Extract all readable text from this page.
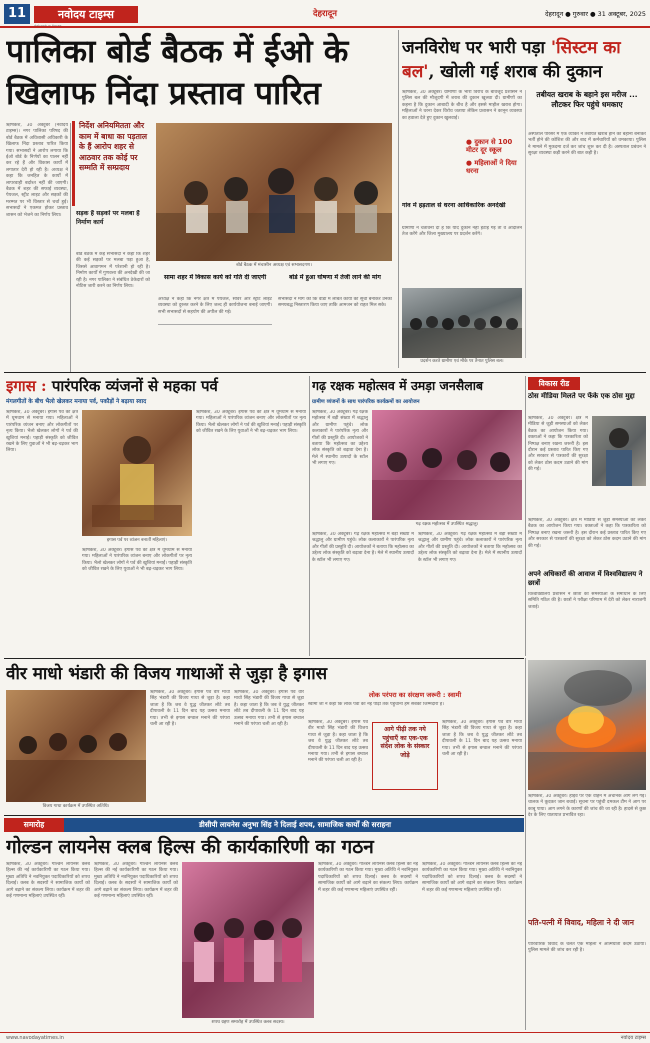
11	नवोदय टाइम्स
dehradun.times
देहरादून	देहरादून ● गुरुवार ● 31 अक्टूबर, 2025
पालिका बोर्ड बैठक में ईओ के खिलाफ निंदा प्रस्ताव पारित

ऋषिकेश, 30 अक्टूबर (नवोदय टाइम्स)। नगर पालिका परिषद की बोर्ड बैठक में अधिशासी अधिकारी के खिलाफ निंदा प्रस्ताव पारित किया गया। सभासदों ने आरोप लगाया कि ईओ बोर्ड के निर्णयों का पालन नहीं कर रहे हैं और विकास कार्यों में लगातार देरी हो रही है। अध्यक्ष ने कहा कि जनहित के कार्यों में लापरवाही बर्दाश्त नहीं की जाएगी। बैठक में शहर की सफाई व्यवस्था, पेयजल, स्ट्रीट लाइट और सड़कों की मरम्मत पर भी विस्तार से चर्चा हुई। सभासदों ने एकमत होकर प्रस्ताव शासन को भेजने का निर्णय लिया।

निर्देश अनियमितता और काम में बाधा का पड़ताल के हैं आरोप शहर से आठवार तक कोई पर सम्मति में सम्प्रदाय
सड़क हैं सड़कों पर मलबा हैं निर्माण कार्य

बोर्ड बैठक में कई सभासदों ने कहा कि शहर की कई सड़कों पर मलबा पड़ा हुआ है, जिससे आवागमन में परेशानी हो रही है। निर्माण कार्यों में गुणवत्ता की अनदेखी की जा रही है। नगर पालिका ने संबंधित ठेकेदारों को नोटिस जारी करने का निर्णय लिया।

बोर्ड बैठक में मंचासीन अध्यक्ष एवं सभासदगण।
सामा शहर में विकास कार्य को गति दी जाएगी

अध्यक्ष ने कहा कि नगर क्षेत्र में पेयजल, सीवर और स्ट्रीट लाइट व्यवस्था को दुरुस्त करने के लिए जल्द ही कार्ययोजना बनाई जाएगी। सभी सभासदों से सहयोग की अपील की गई।

बोर्ड में हुआ घोषणा में तेजी लाने की मांग

सभासदों ने मांग की कि वार्डों में लंबित कार्यों की सूची बनाकर उनका समयबद्ध निस्तारण किया जाए ताकि आमजन को राहत मिल सके।

जनविरोध पर भारी पड़ा 'सिस्टम का बल', खोली गई शराब की दुकान

ऋषिकेश, 30 अक्टूबर। ग्रामीणों के भारी विरोध के बावजूद प्रशासन ने पुलिस बल की मौजूदगी में शराब की दुकान खुलवा दी। ग्रामीणों का कहना है कि दुकान आबादी के बीच है और इससे माहौल खराब होगा। महिलाओं ने धरना देकर विरोध जताया लेकिन प्रशासन ने कानून व्यवस्था का हवाला देते हुए दुकान खुलवाई।

● दुकान से 100 मीटर दूर स्कूल
● महिलाओं ने दिया धरना
गांव में हड़ताल से धरना आधिकारिक अनदेखी

ग्रामीणों ने चेतावनी दी है कि यदि दुकान नहीं हटाई गई तो वे आंदोलन तेज करेंगे और जिला मुख्यालय पर प्रदर्शन करेंगे।

प्रदर्शन करते ग्रामीण एवं मौके पर तैनात पुलिस बल।
तबीयत खराब के बहाने इस मरीज ... लौटकर फिर पहुंचे धमकाए

अस्पताल परिसर में एक व्यक्ति ने तबीयत खराब होने का बहाना बनाकर भर्ती होने की कोशिश की और बाद में कर्मचारियों को धमकाया। पुलिस ने मामले में मुकदमा दर्ज कर जांच शुरू कर दी है। अस्पताल प्रबंधन ने सुरक्षा व्यवस्था कड़ी करने की बात कही है।

इगास : पारंपरिक व्यंजनों से महका पर्व
मंगलगीतों के बीच भैलो खेलकर मनाया पर्व, पकौड़ों ने बढ़ाया स्वाद

ऋषिकेश, 30 अक्टूबर। इगास पर्व को क्षेत्र में धूमधाम से मनाया गया। महिलाओं ने पारंपरिक व्यंजन बनाए और लोकगीतों पर नृत्य किया। भैलो खेलकर लोगों ने पर्व की खुशियां मनाईं। पहाड़ी संस्कृति को जीवित रखने के लिए युवाओं ने भी बढ़-चढ़कर भाग लिया।

इगास पर्व पर व्यंजन बनातीं महिलाएं।

ऋषिकेश, 30 अक्टूबर। इगास पर्व को क्षेत्र में धूमधाम से मनाया गया। महिलाओं ने पारंपरिक व्यंजन बनाए और लोकगीतों पर नृत्य किया। भैलो खेलकर लोगों ने पर्व की खुशियां मनाईं। पहाड़ी संस्कृति को जीवित रखने के लिए युवाओं ने भी बढ़-चढ़कर भाग लिया।

ऋषिकेश, 30 अक्टूबर। इगास पर्व को क्षेत्र में धूमधाम से मनाया गया। महिलाओं ने पारंपरिक व्यंजन बनाए और लोकगीतों पर नृत्य किया। भैलो खेलकर लोगों ने पर्व की खुशियां मनाईं। पहाड़ी संस्कृति को जीवित रखने के लिए युवाओं ने भी बढ़-चढ़कर भाग लिया।

गढ़ रक्षक महोत्सव में उमड़ा जनसैलाब
ग्रामीण व्यंजनों के साथ पारंपरिक कार्यक्रमों का आयोजन

ऋषिकेश, 30 अक्टूबर। गढ़ रक्षक महोत्सव में बड़ी संख्या में श्रद्धालु और ग्रामीण पहुंचे। लोक कलाकारों ने पारंपरिक नृत्य और गीतों की प्रस्तुति दी। आयोजकों ने बताया कि महोत्सव का उद्देश्य लोक संस्कृति को बढ़ावा देना है। मेले में स्थानीय उत्पादों के स्टॉल भी लगाए गए।

गढ़ रक्षक महोत्सव में उपस्थित श्रद्धालु।

ऋषिकेश, 30 अक्टूबर। गढ़ रक्षक महोत्सव में बड़ी संख्या में श्रद्धालु और ग्रामीण पहुंचे। लोक कलाकारों ने पारंपरिक नृत्य और गीतों की प्रस्तुति दी। आयोजकों ने बताया कि महोत्सव का उद्देश्य लोक संस्कृति को बढ़ावा देना है। मेले में स्थानीय उत्पादों के स्टॉल भी लगाए गए।

ऋषिकेश, 30 अक्टूबर। गढ़ रक्षक महोत्सव में बड़ी संख्या में श्रद्धालु और ग्रामीण पहुंचे। लोक कलाकारों ने पारंपरिक नृत्य और गीतों की प्रस्तुति दी। आयोजकों ने बताया कि महोत्सव का उद्देश्य लोक संस्कृति को बढ़ावा देना है। मेले में स्थानीय उत्पादों के स्टॉल भी लगाए गए।

विकास रीड
ठोस मीडिया मिलते पर फेंके एक ठोस मुद्दा

ऋषिकेश, 30 अक्टूबर। क्षेत्र में मीडिया से जुड़ी समस्याओं को लेकर बैठक का आयोजन किया गया। वक्ताओं ने कहा कि पत्रकारिता को निष्पक्ष बनाए रखना जरूरी है। इस दौरान कई प्रस्ताव पारित किए गए और सरकार से पत्रकारों की सुरक्षा को लेकर ठोस कदम उठाने की मांग की गई।

ऋषिकेश, 30 अक्टूबर। क्षेत्र में मीडिया से जुड़ी समस्याओं को लेकर बैठक का आयोजन किया गया। वक्ताओं ने कहा कि पत्रकारिता को निष्पक्ष बनाए रखना जरूरी है। इस दौरान कई प्रस्ताव पारित किए गए और सरकार से पत्रकारों की सुरक्षा को लेकर ठोस कदम उठाने की मांग की गई।

अपने अधिकारों की आवाज में विश्वविद्यालय ने छात्रों

विश्वविद्यालय प्रशासन ने छात्रों की समस्याओं के समाधान के लिए समिति गठित की है। छात्रों ने परीक्षा परिणाम में देरी को लेकर नाराजगी जताई।

वीर माधो भंडारी की विजय गाथाओं से जुड़ा है इगास
विजय गाथा कार्यक्रम में उपस्थित अतिथि।

ऋषिकेश, 30 अक्टूबर। इगास पर्व वीर माधो सिंह भंडारी की विजय गाथा से जुड़ा है। कहा जाता है कि जब वे युद्ध जीतकर लौटे तब दीपावली के 11 दिन बाद यह उत्सव मनाया गया। तभी से इगास बग्वाल मनाने की परंपरा चली आ रही है।

ऋषिकेश, 30 अक्टूबर। इगास पर्व वीर माधो सिंह भंडारी की विजय गाथा से जुड़ा है। कहा जाता है कि जब वे युद्ध जीतकर लौटे तब दीपावली के 11 दिन बाद यह उत्सव मनाया गया। तभी से इगास बग्वाल मनाने की परंपरा चली आ रही है।

लोक परंपरा का संरक्षण जरूरी : स्वामी

स्वामी जी ने कहा कि लोक पर्वों को नई पीढ़ी तक पहुंचाना हम सबकी जिम्मेदारी है।

ऋषिकेश, 30 अक्टूबर। इगास पर्व वीर माधो सिंह भंडारी की विजय गाथा से जुड़ा है। कहा जाता है कि जब वे युद्ध जीतकर लौटे तब दीपावली के 11 दिन बाद यह उत्सव मनाया गया। तभी से इगास बग्वाल मनाने की परंपरा चली आ रही है।

आगे पीढ़ी तक नये पहुंचाएँ का एक-एक संदेश लोक के संस्कार जोड़े

ऋषिकेश, 30 अक्टूबर। इगास पर्व वीर माधो सिंह भंडारी की विजय गाथा से जुड़ा है। कहा जाता है कि जब वे युद्ध जीतकर लौटे तब दीपावली के 11 दिन बाद यह उत्सव मनाया गया। तभी से इगास बग्वाल मनाने की परंपरा चली आ रही है।

समारोह	डीसीपी लायनेस अनुभा सिंह ने दिलाई शपथ, सामाजिक कार्यों की सराहना
गोल्डन लायनेस क्लब हिल्स की कार्यकारिणी का गठन

ऋषिकेश, 30 अक्टूबर। गोल्डन लायनेस क्लब हिल्स की नई कार्यकारिणी का गठन किया गया। मुख्य अतिथि ने नवनियुक्त पदाधिकारियों को शपथ दिलाई। क्लब के सदस्यों ने सामाजिक कार्यों को आगे बढ़ाने का संकल्प लिया। कार्यक्रम में शहर की कई गणमान्य महिलाएं उपस्थित रहीं।

ऋषिकेश, 30 अक्टूबर। गोल्डन लायनेस क्लब हिल्स की नई कार्यकारिणी का गठन किया गया। मुख्य अतिथि ने नवनियुक्त पदाधिकारियों को शपथ दिलाई। क्लब के सदस्यों ने सामाजिक कार्यों को आगे बढ़ाने का संकल्प लिया। कार्यक्रम में शहर की कई गणमान्य महिलाएं उपस्थित रहीं।

शपथ ग्रहण समारोह में उपस्थित क्लब सदस्य।

ऋषिकेश, 30 अक्टूबर। गोल्डन लायनेस क्लब हिल्स की नई कार्यकारिणी का गठन किया गया। मुख्य अतिथि ने नवनियुक्त पदाधिकारियों को शपथ दिलाई। क्लब के सदस्यों ने सामाजिक कार्यों को आगे बढ़ाने का संकल्प लिया। कार्यक्रम में शहर की कई गणमान्य महिलाएं उपस्थित रहीं।

ऋषिकेश, 30 अक्टूबर। गोल्डन लायनेस क्लब हिल्स की नई कार्यकारिणी का गठन किया गया। मुख्य अतिथि ने नवनियुक्त पदाधिकारियों को शपथ दिलाई। क्लब के सदस्यों ने सामाजिक कार्यों को आगे बढ़ाने का संकल्प लिया। कार्यक्रम में शहर की कई गणमान्य महिलाएं उपस्थित रहीं।

ऋषिकेश, 30 अक्टूबर। हाईवे पर एक वाहन में अचानक आग लग गई। चालक ने कूदकर जान बचाई। सूचना पर पहुंची दमकल टीम ने आग पर काबू पाया। आग लगने के कारणों की जांच की जा रही है। हादसे से कुछ देर के लिए यातायात प्रभावित रहा।

पति-पत्नी में विवाद, महिला ने दी जान

पारिवारिक विवाद के चलते एक महिला ने आत्मघाती कदम उठाया। पुलिस मामले की जांच कर रही है।

www.navodayatimes.in	नवोदय टाइम्स
